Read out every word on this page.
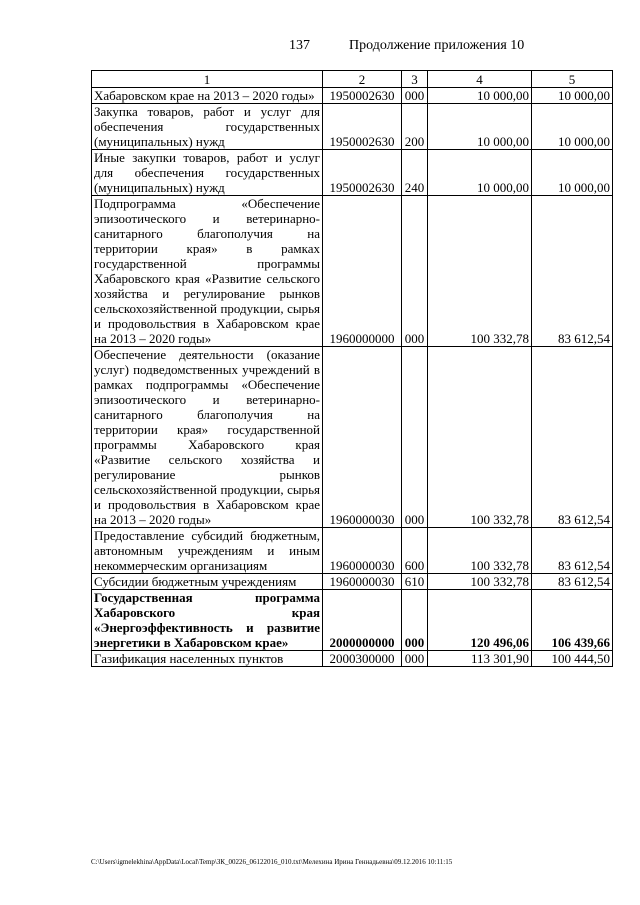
137	Продолжение приложения 10
1	2	3	4	5
Хабаровском крае на 2013 – 2020 годы»	1950002630	000	10 000,00	10 000,00
Закупка товаров, работ и услуг для обеспечения государственных (муниципальных) нужд	1950002630	200	10 000,00	10 000,00
Иные закупки товаров, работ и услуг для обеспечения государственных (муниципальных) нужд	1950002630	240	10 000,00	10 000,00
Подпрограмма «Обеспечение эпизоотического и ветеринарно-санитарного благополучия на территории края» в рамках государственной программы Хабаровского края «Развитие сельского хозяйства и регулирование рынков сельскохозяйственной продукции, сырья и продовольствия в Хабаровском крае на 2013 – 2020 годы»	1960000000	000	100 332,78	83 612,54
Обеспечение деятельности (оказание услуг) подведомственных учреждений в рамках подпрограммы «Обеспечение эпизоотического и ветеринарно-санитарного благополучия на территории края» государственной программы Хабаровского края «Развитие сельского хозяйства и регулирование рынков сельскохозяйственной продукции, сырья и продовольствия в Хабаровском крае на 2013 – 2020 годы»	1960000030	000	100 332,78	83 612,54
Предоставление субсидий бюджетным, автономным учреждениям и иным некоммерческим организациям	1960000030	600	100 332,78	83 612,54
Субсидии бюджетным учреждениям	1960000030	610	100 332,78	83 612,54
Государственная программа Хабаровского края «Энергоэффективность и развитие энергетики в Хабаровском крае»	2000000000	000	120 496,06	106 439,66
Газификация населенных пунктов	2000300000	000	113 301,90	100 444,50
C:\Users\igmelekhina\AppData\Local\Temp\ЗК_00226_06122016_010.txt\Мелехина Ирина Геннадьевна\09.12.2016 10:11:15
